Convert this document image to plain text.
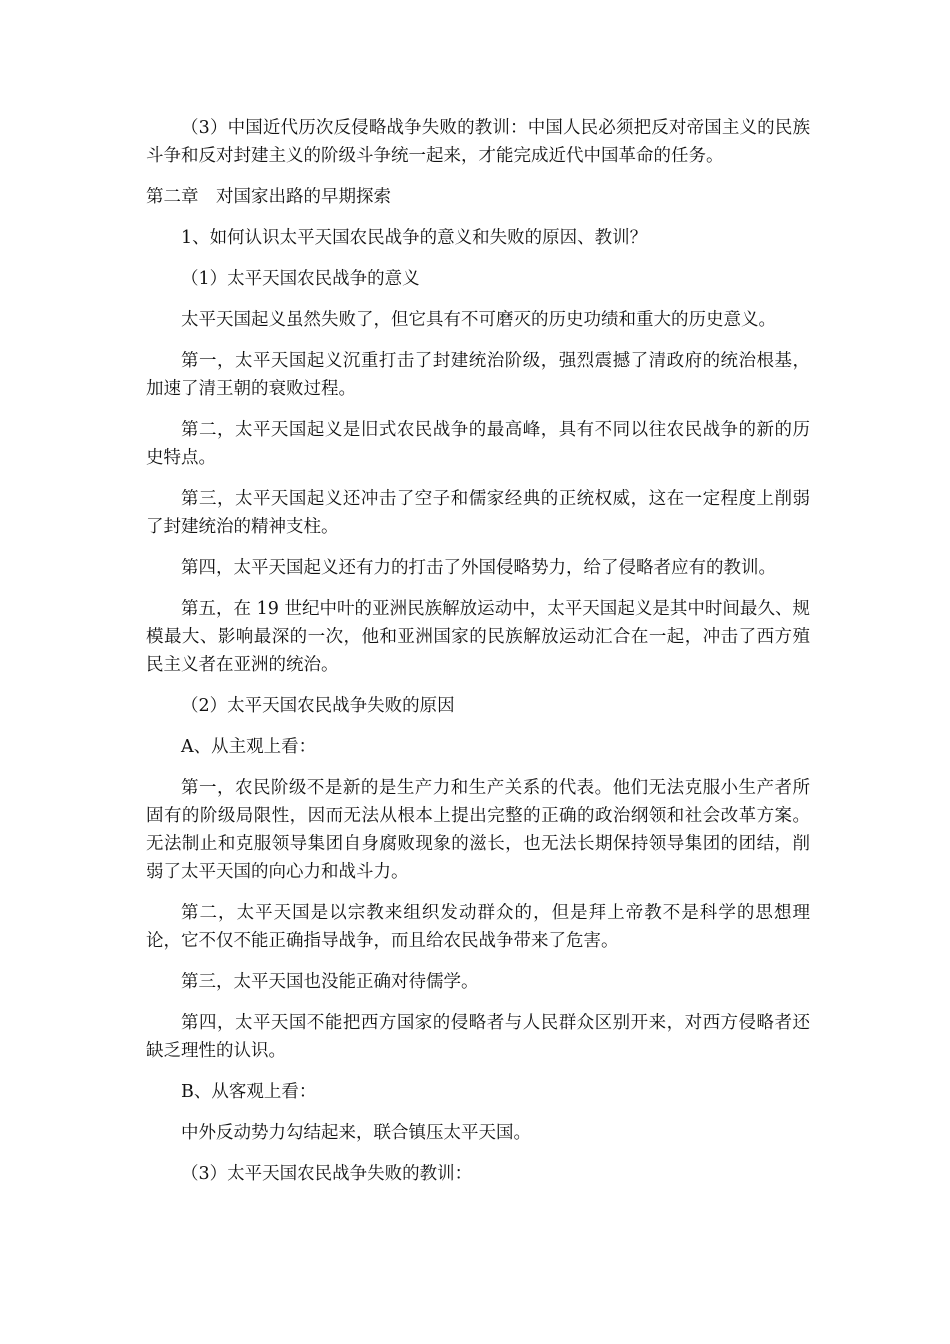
（3）中国近代历次反侵略战争失败的教训：中国人民必须把反对帝国主义的民族斗争和反对封建主义的阶级斗争统一起来，才能完成近代中国革命的任务。

第二章　对国家出路的早期探索

1、如何认识太平天国农民战争的意义和失败的原因、教训？

（1）太平天国农民战争的意义

太平天国起义虽然失败了，但它具有不可磨灭的历史功绩和重大的历史意义。

第一，太平天国起义沉重打击了封建统治阶级，强烈震撼了清政府的统治根基，加速了清王朝的衰败过程。

第二，太平天国起义是旧式农民战争的最高峰，具有不同以往农民战争的新的历史特点。

第三，太平天国起义还冲击了空子和儒家经典的正统权威，这在一定程度上削弱了封建统治的精神支柱。

第四，太平天国起义还有力的打击了外国侵略势力，给了侵略者应有的教训。

第五，在 19 世纪中叶的亚洲民族解放运动中，太平天国起义是其中时间最久、规模最大、影响最深的一次，他和亚洲国家的民族解放运动汇合在一起，冲击了西方殖民主义者在亚洲的统治。

（2）太平天国农民战争失败的原因

A、从主观上看：

第一，农民阶级不是新的是生产力和生产关系的代表。他们无法克服小生产者所固有的阶级局限性，因而无法从根本上提出完整的正确的政治纲领和社会改革方案。无法制止和克服领导集团自身腐败现象的滋长，也无法长期保持领导集团的团结，削弱了太平天国的向心力和战斗力。

第二，太平天国是以宗教来组织发动群众的，但是拜上帝教不是科学的思想理论，它不仅不能正确指导战争，而且给农民战争带来了危害。

第三，太平天国也没能正确对待儒学。

第四，太平天国不能把西方国家的侵略者与人民群众区别开来，对西方侵略者还缺乏理性的认识。

B、从客观上看：

中外反动势力勾结起来，联合镇压太平天国。

（3）太平天国农民战争失败的教训：
